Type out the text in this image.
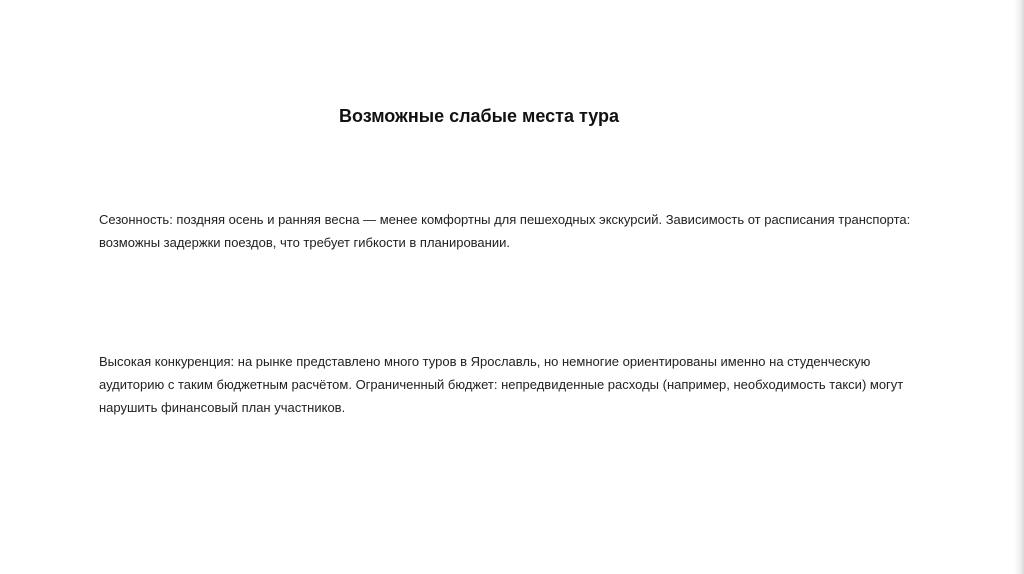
Возможные слабые места тура

Сезонность: поздняя осень и ранняя весна — менее комфортны для пешеходных экскурсий. Зависимость от расписания транспорта: возможны задержки поездов, что требует гибкости в планировании.

Высокая конкуренция: на рынке представлено много туров в Ярославль, но немногие ориентированы именно на студенческую аудиторию с таким бюджетным расчётом. Ограниченный бюджет: непредвиденные расходы (например, необходимость такси) могут нарушить финансовый план участников.
